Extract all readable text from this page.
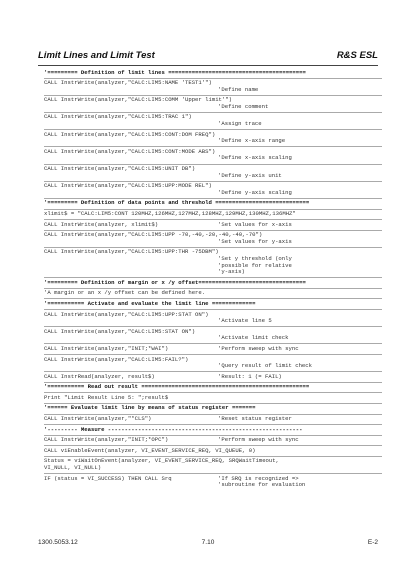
Limit Lines and Limit Test	R&S ESL
'========= Definition of limit lines =========================================
CALL InstrWrite(analyzer,"CALC:LIM5:NAME 'TEST1'")
'Define name
CALL InstrWrite(analyzer,"CALC:LIM5:COMM 'Upper limit'")
'Define comment
CALL InstrWrite(analyzer,"CALC:LIM5:TRAC 1")
'Assign trace
CALL InstrWrite(analyzer,"CALC:LIM5:CONT:DOM FREQ")
'Define x-axis range
CALL InstrWrite(analyzer,"CALC:LIM5:CONT:MODE ABS")
'Define x-axis scaling
CALL InstrWrite(analyzer,"CALC:LIM5:UNIT DB")
'Define y-axis unit
CALL InstrWrite(analyzer,"CALC:LIM5:UPP:MODE REL")
'Define y-axis scaling
'========= Definition of data points and threshold ============================
xlimit$ = "CALC:LIM5:CONT 120MHZ,126MHZ,127MHZ,128MHZ,129MHZ,130MHZ,136MHZ"
CALL InstrWrite(analyzer, xlimit$)	'Set values for x-axis
CALL InstrWrite(analyzer,"CALC:LIM5:UPP -70,-40,-20,-40,-40,-70")
'Set values for y-axis
CALL InstrWrite(analyzer,"CALC:LIM5:UPP:THR -75DBM")
'Set y threshold (only
'possible for relative
'y-axis)
'========= Definition of margin or x /y offset================================
'A margin or an x /y offset can be defined here.
'=========== Activate and evaluate the limit line =============
CALL InstrWrite(analyzer,"CALC:LIM5:UPP:STAT ON")
'Activate line 5
CALL InstrWrite(analyzer,"CALC:LIM5:STAT ON")
'Activate limit check
CALL InstrWrite(analyzer,"INIT;*WAI")	'Perform sweep with sync
CALL InstrWrite(analyzer,"CALC:LIM5:FAIL?")
'Query result of limit check
CALL InstrRead(analyzer, result$)	'Result: 1 (= FAIL)
'=========== Read out result ==================================================
Print "Limit Result Line 5: ";result$
'====== Evaluate limit line by means of status register =======
CALL InstrWrite(analyzer,"*CLS")	'Reset status register
'--------- Measure ----------------------------------------------------------
CALL InstrWrite(analyzer,"INIT;*OPC")	'Perform sweep with sync
CALL viEnableEvent(analyzer, VI_EVENT_SERVICE_REQ, VI_QUEUE, 0)
Status = viWaitOnEvent(analyzer, VI_EVENT_SERVICE_REQ, SRQWaitTimeout,
VI_NULL, VI_NULL)
IF (status = VI_SUCCESS) THEN CALL Srq	'If SRQ is recognized =>
'subroutine for evaluation
1300.5053.12	7.10	E-2
